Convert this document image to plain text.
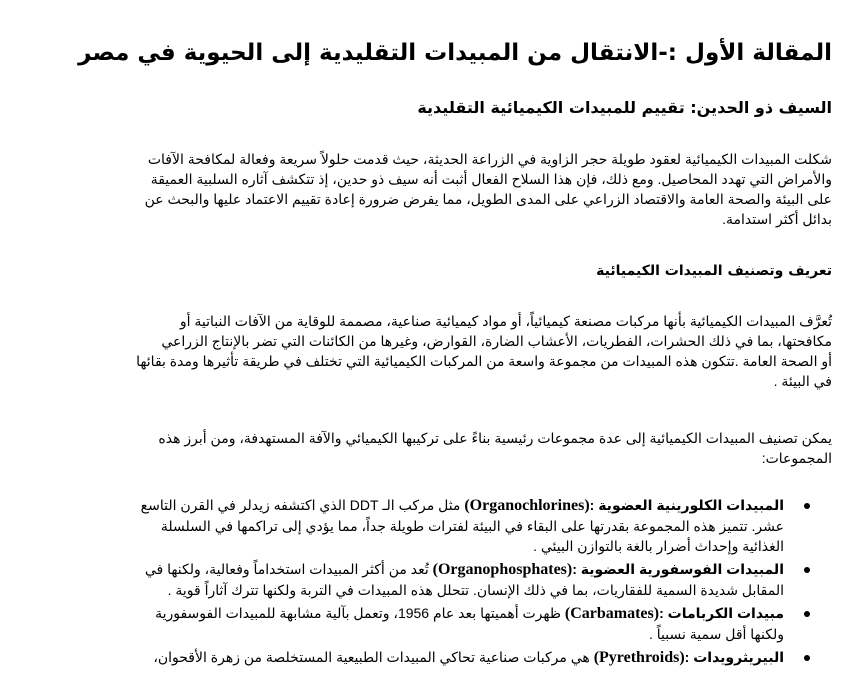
المقالة الأول :-الانتقال من المبيدات التقليدية إلى الحيوية في مصر
السيف ذو الحدين: تقييم للمبيدات الكيميائية التقليدية

شكلت المبيدات الكيميائية لعقود طويلة حجر الزاوية في الزراعة الحديثة، حيث قدمت حلولاً سريعة وفعالة لمكافحة الآفات
والأمراض التي تهدد المحاصيل. ومع ذلك، فإن هذا السلاح الفعال أثبت أنه سيف ذو حدين، إذ تتكشف آثاره السلبية العميقة
على البيئة والصحة العامة والاقتصاد الزراعي على المدى الطويل، مما يفرض ضرورة إعادة تقييم الاعتماد عليها والبحث عن
بدائل أكثر استدامة.

تعريف وتصنيف المبيدات الكيميائية

تُعرَّف المبيدات الكيميائية بأنها مركبات مصنعة كيميائياً، أو مواد كيميائية صناعية، مصممة للوقاية من الآفات النباتية أو
مكافحتها، بما في ذلك الحشرات، الفطريات، الأعشاب الضارة، القوارض، وغيرها من الكائنات التي تضر بالإنتاج الزراعي
أو الصحة العامة .تتكون هذه المبيدات من مجموعة واسعة من المركبات الكيميائية التي تختلف في طريقة تأثيرها ومدة بقائها
في البيئة .

يمكن تصنيف المبيدات الكيميائية إلى عدة مجموعات رئيسية بناءً على تركيبها الكيميائي والآفة المستهدفة، ومن أبرز هذه
المجموعات:

المبيدات الكلورينية العضوية :(Organochlorines) مثل مركب الـ DDT الذي اكتشفه زيدلر في القرن التاسع
عشر. تتميز هذه المجموعة بقدرتها على البقاء في البيئة لفترات طويلة جداً، مما يؤدي إلى تراكمها في السلسلة
الغذائية وإحداث أضرار بالغة بالتوازن البيئي .
المبيدات الفوسفورية العضوية :(Organophosphates) تُعد من أكثر المبيدات استخداماً وفعالية، ولكنها في
المقابل شديدة السمية للفقاريات، بما في ذلك الإنسان. تتحلل هذه المبيدات في التربة ولكنها تترك آثاراً قوية .
مبيدات الكربامات :(Carbamates) ظهرت أهميتها بعد عام 1956، وتعمل بآلية مشابهة للمبيدات الفوسفورية
ولكنها أقل سمية نسبياً .
البيريثرويدات :(Pyrethroids) هي مركبات صناعية تحاكي المبيدات الطبيعية المستخلصة من زهرة الأقحوان،
